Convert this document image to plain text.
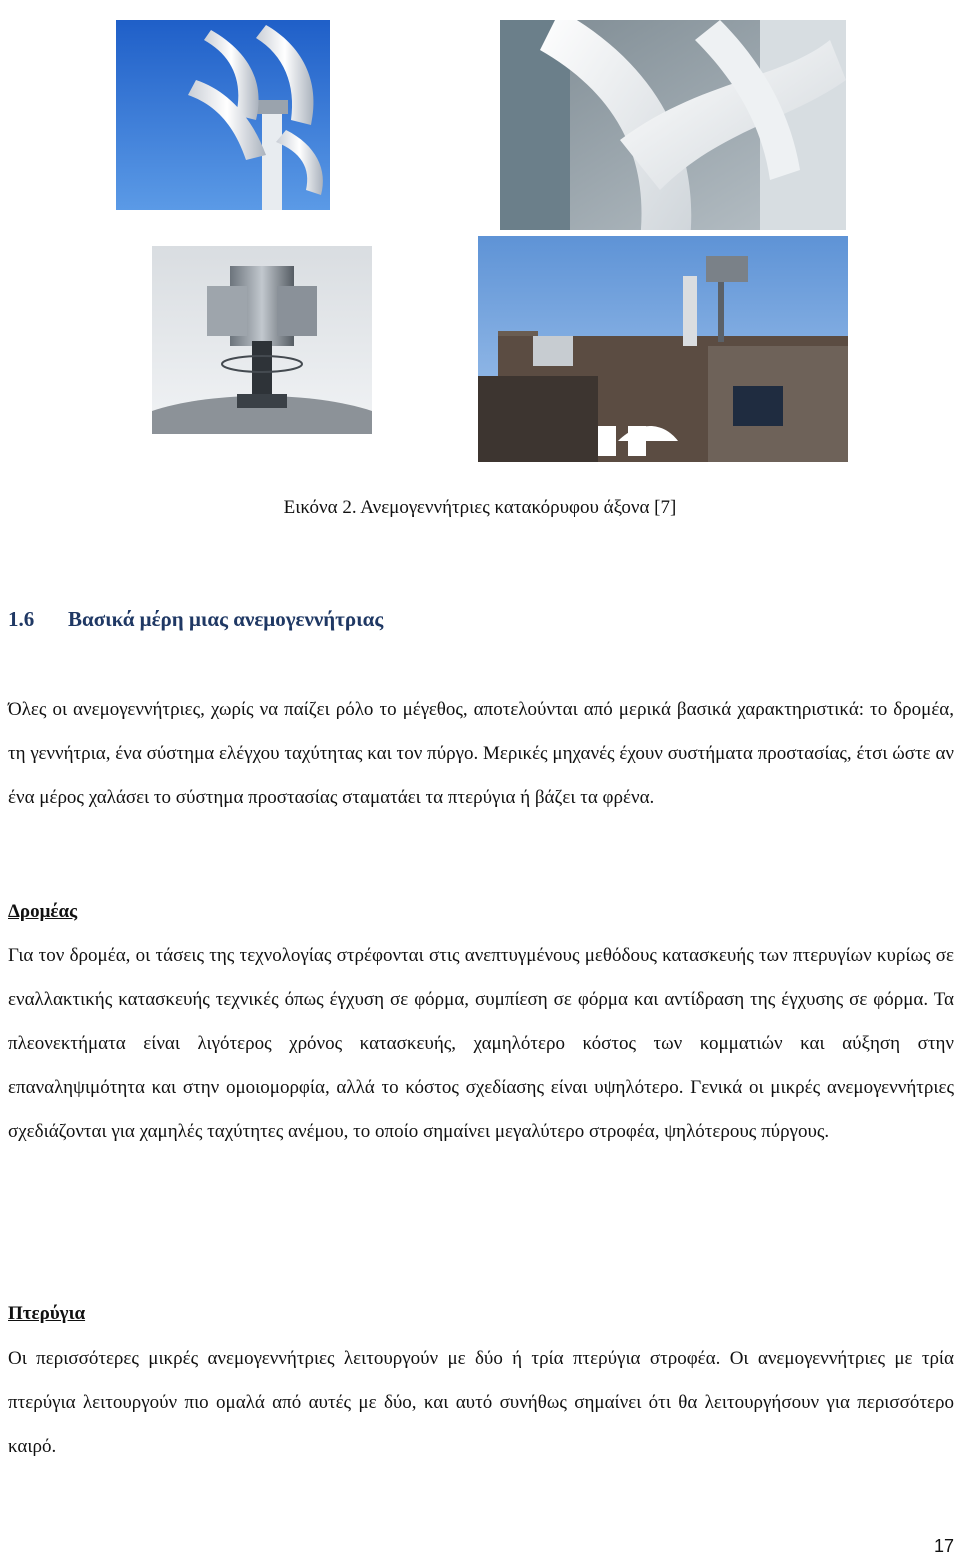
Εικόνα 2. Ανεμογεννήτριες κατακόρυφου άξονα [7]
1.6 Βασικά μέρη μιας ανεμογεννήτριας

Όλες οι ανεμογεννήτριες, χωρίς να παίζει ρόλο το μέγεθος, αποτελούνται από μερικά βασικά χαρακτηριστικά: το δρομέα, τη γεννήτρια, ένα σύστημα ελέγχου ταχύτητας και τον πύργο. Μερικές μηχανές έχουν συστήματα προστασίας, έτσι ώστε αν ένα μέρος χαλάσει το σύστημα προστασίας σταματάει τα πτερύγια ή βάζει τα φρένα.

Δρομέας

Για τον δρομέα, οι τάσεις της τεχνολογίας στρέφονται στις ανεπτυγμένους μεθόδους κατασκευής των πτερυγίων κυρίως σε εναλλακτικής κατασκευής τεχνικές όπως έγχυση σε φόρμα, συμπίεση σε φόρμα και αντίδραση της έγχυσης σε φόρμα. Τα πλεονεκτήματα είναι λιγότερος χρόνος κατασκευής, χαμηλότερο κόστος των κομματιών και αύξηση στην επαναληψιμότητα και στην ομοιομορφία, αλλά το κόστος σχεδίασης είναι υψηλότερο. Γενικά οι μικρές ανεμογεννήτριες σχεδιάζονται για χαμηλές ταχύτητες ανέμου, το οποίο σημαίνει μεγαλύτερο στροφέα, ψηλότερους πύργους.

Πτερύγια

Οι περισσότερες μικρές ανεμογεννήτριες λειτουργούν με δύο ή τρία πτερύγια στροφέα. Οι ανεμογεννήτριες με τρία πτερύγια λειτουργούν πιο ομαλά από αυτές με δύο, και αυτό συνήθως σημαίνει ότι θα λειτουργήσουν για περισσότερο καιρό.

17
